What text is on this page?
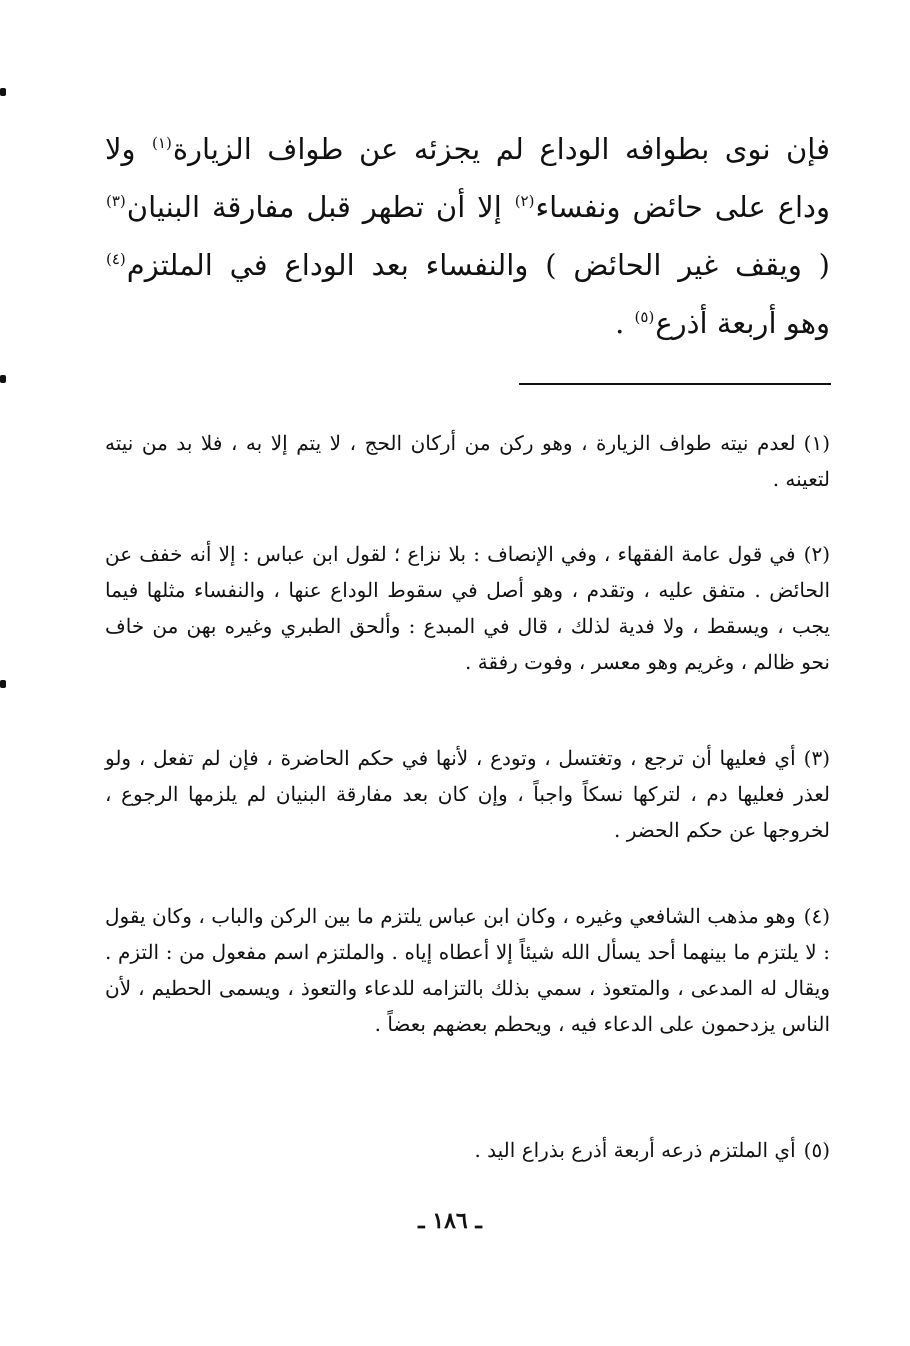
فإن نوى بطوافه الوداع لم يجزئه عن طواف الزيارة$^{(١)}$ ولا
وداع على حائض ونفساء$^{(٢)}$ إلا أن تطهر قبل مفارقة البنيان$^{(٣)}$
( ويقف غير الحائض ) والنفساء بعد الوداع في الملتزم$^{(٤)}$
وهو أربعة أذرع$^{(٥)}$ .

(١)لعدم نيته طواف الزيارة ، وهو ركن من أركان الحج ، لا يتم إلا به ، فلا بد من نيته لتعينه .

(٢)في قول عامة الفقهاء ، وفي الإنصاف : بلا نزاع ؛ لقول ابن عباس : إلا أنه خفف عن الحائض . متفق عليه ، وتقدم ، وهو أصل في سقوط الوداع عنها ، والنفساء مثلها فيما يجب ، ويسقط ، ولا فدية لذلك ، قال في المبدع : وألحق الطبري وغيره بهن من خاف نحو ظالم ، وغريم وهو معسر ، وفوت رفقة .

(٣)أي فعليها أن ترجع ، وتغتسل ، وتودع ، لأنها في حكم الحاضرة ، فإن لم تفعل ، ولو لعذر فعليها دم ، لتركها نسكاً واجباً ، وإن كان بعد مفارقة البنيان لم يلزمها الرجوع ، لخروجها عن حكم الحضر .

(٤)وهو مذهب الشافعي وغيره ، وكان ابن عباس يلتزم ما بين الركن والباب ، وكان يقول : لا يلتزم ما بينهما أحد يسأل الله شيئاً إلا أعطاه إياه . والملتزم اسم مفعول من : التزم . ويقال له المدعى ، والمتعوذ ، سمي بذلك بالتزامه للدعاء والتعوذ ، ويسمى الحطيم ، لأن الناس يزدحمون على الدعاء فيه ، ويحطم بعضهم بعضاً .

(٥)أي الملتزم ذرعه أربعة أذرع بذراع اليد .

ـ ١٨٦ ـ
